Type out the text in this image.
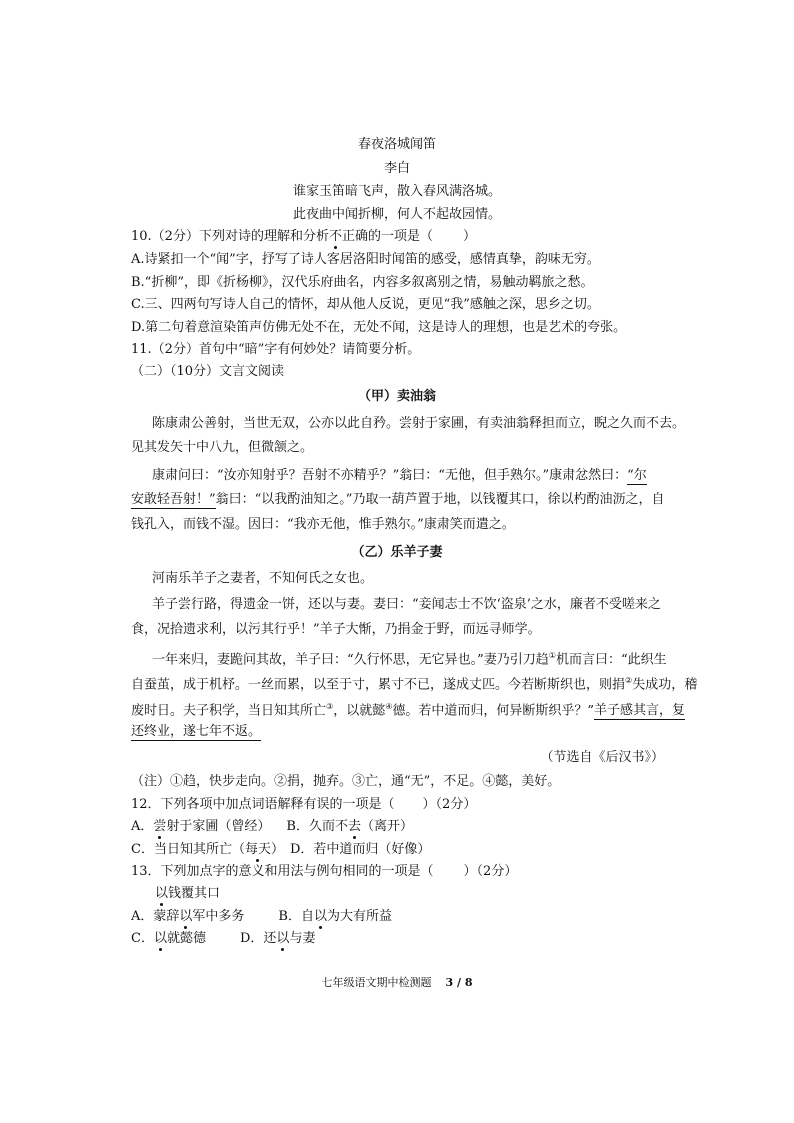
春夜洛城闻笛
李白
谁家玉笛暗飞声，散入春风满洛城。
此夜曲中闻折柳，何人不起故园情。
10.（2分）下列对诗的理解和分析不正确的一项是（ ）
A.诗紧扣一个“闻”字，抒写了诗人客居洛阳时闻笛的感受，感情真挚，韵味无穷。
B.“折柳”，即《折杨柳》，汉代乐府曲名，内容多叙离别之情，易触动羁旅之愁。
C.三、四两句写诗人自己的情怀，却从他人反说，更见“我”感触之深，思乡之切。
D.第二句着意渲染笛声仿佛无处不在，无处不闻，这是诗人的理想，也是艺术的夸张。
11.（2分）首句中“暗”字有何妙处？请简要分析。
（二）（10分）文言文阅读
（甲）卖油翁
陈康肃公善射，当世无双，公亦以此自矜。尝射于家圃，有卖油翁释担而立，睨之久而不去。
见其发矢十中八九，但微颔之。
康肃问曰：“汝亦知射乎？吾射不亦精乎？”翁曰：“无他，但手熟尔。”康肃忿然曰：“尔
安敢轻吾射！”翁曰：“以我酌油知之。”乃取一葫芦置于地，以钱覆其口，徐以杓酌油沥之，自
钱孔入，而钱不湿。因曰：“我亦无他，惟手熟尔。”康肃笑而遣之。
（乙）乐羊子妻
河南乐羊子之妻者，不知何氏之女也。
羊子尝行路，得遗金一饼，还以与妻。妻曰：“妾闻志士不饮‘盗泉’之水，廉者不受嗟来之
食，况拾遗求利，以污其行乎！”羊子大惭，乃捐金于野，而远寻师学。
一年来归，妻跪问其故，羊子曰：“久行怀思，无它异也。”妻乃引刀趋①机而言曰：“此织生
自蚕茧，成于机杼。一丝而累，以至于寸，累寸不已，遂成丈匹。今若断斯织也，则捐②失成功，稽
废时日。夫子积学，当日知其所亡③，以就懿④德。若中道而归，何异断斯织乎？”羊子感其言，复
还终业，遂七年不返。
（节选自《后汉书》）
（注）①趋，快步走向。②捐，抛弃。③亡，通“无”，不足。④懿，美好。
12．下列各项中加点词语解释有误的一项是（ ）（2分）
A．尝射于家圃（曾经） B．久而不去（离开）
C．当日知其所亡（每天） D．若中道而归（好像）
13．下列加点字的意义和用法与例句相同的一项是（ ）（2分）
以钱覆其口
A．蒙辞以军中多务	B．自以为大有所益
C．以就懿德	D．还以与妻
七年级语文期中检测题 3 / 8
